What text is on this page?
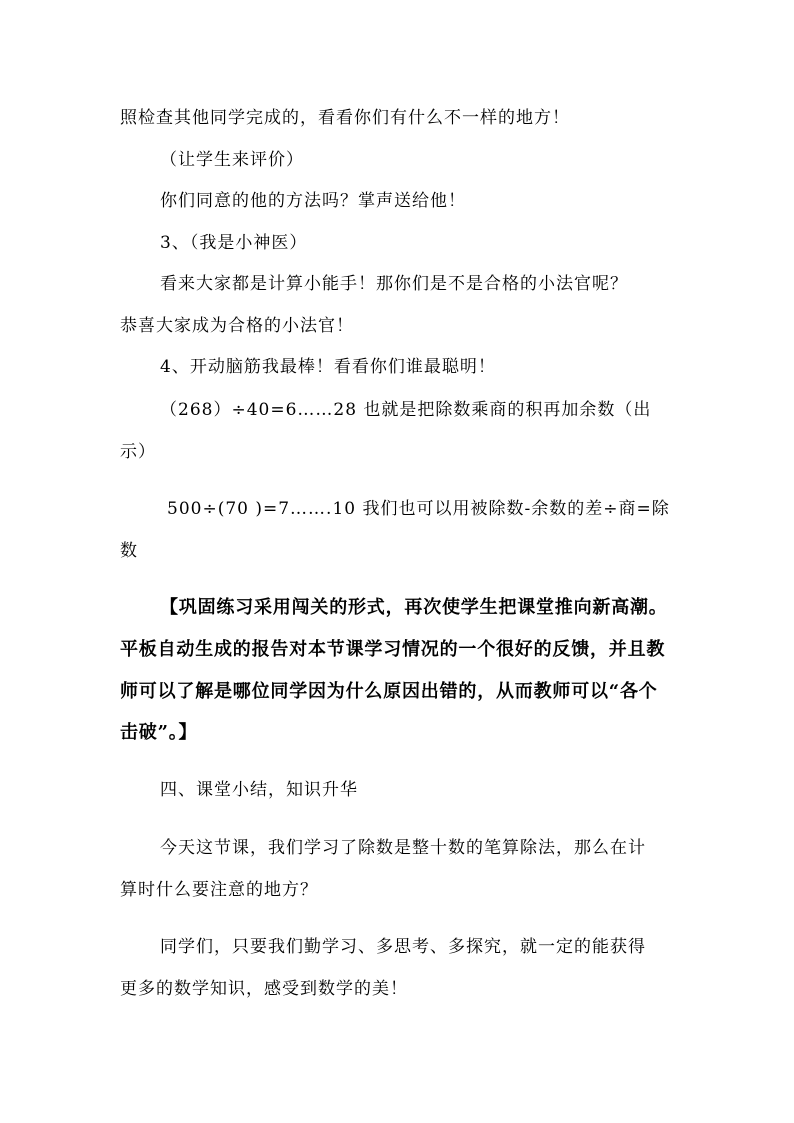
照检查其他同学完成的，看看你们有什么不一样的地方！

（让学生来评价）

你们同意的他的方法吗？掌声送给他！

3、（我是小神医）

看来大家都是计算小能手！那你们是不是合格的小法官呢？

恭喜大家成为合格的小法官！

4、开动脑筋我最棒！看看你们谁最聪明！

（268）÷40=6……28 也就是把除数乘商的积再加余数（出

示）

500÷(70 )=7…….10 我们也可以用被除数-余数的差÷商=除

数

【巩固练习采用闯关的形式，再次使学生把课堂推向新高潮。

平板自动生成的报告对本节课学习情况的一个很好的反馈，并且教

师可以了解是哪位同学因为什么原因出错的，从而教师可以“各个

击破”。】

四、课堂小结，知识升华

今天这节课，我们学习了除数是整十数的笔算除法，那么在计

算时什么要注意的地方？

同学们，只要我们勤学习、多思考、多探究，就一定的能获得

更多的数学知识，感受到数学的美！
